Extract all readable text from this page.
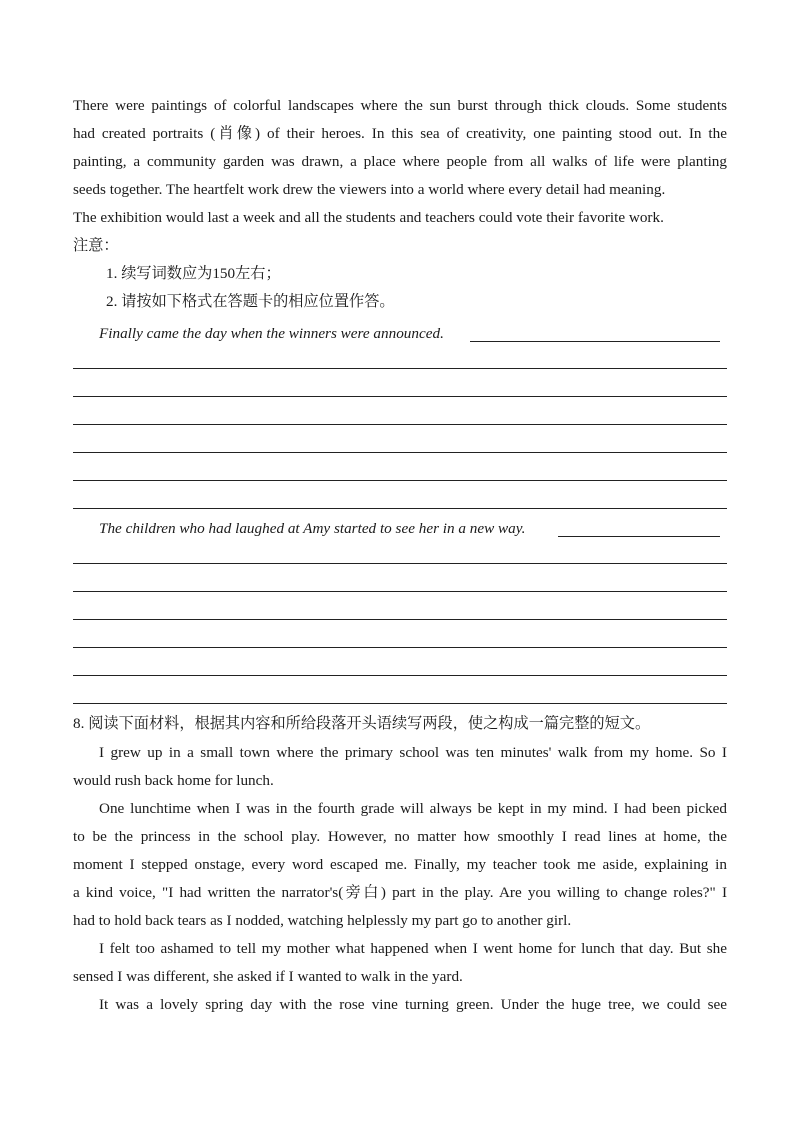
There were paintings of colorful landscapes where the sun burst through thick clouds. Some students
had created portraits (肖像) of their heroes. In this sea of creativity, one painting stood out. In the
painting, a community garden was drawn, a place where people from all walks of life were planting
seeds together. The heartfelt work drew the viewers into a world where every detail had meaning.
The exhibition would last a week and all the students and teachers could vote their favorite work.
注意：
1. 续写词数应为150左右；
2. 请按如下格式在答题卡的相应位置作答。
Finally came the day when the winners were announced.
The children who had laughed at Amy started to see her in a new way.
8. 阅读下面材料，根据其内容和所给段落开头语续写两段，使之构成一篇完整的短文。
I grew up in a small town where the primary school was ten minutes' walk from my home. So I
would rush back home for lunch.
One lunchtime when I was in the fourth grade will always be kept in my mind. I had been picked
to be the princess in the school play. However, no matter how smoothly I read lines at home, the
moment I stepped onstage, every word escaped me. Finally, my teacher took me aside, explaining in
a kind voice, "I had written the narrator's(旁白) part in the play. Are you willing to change roles?" I
had to hold back tears as I nodded, watching helplessly my part go to another girl.
I felt too ashamed to tell my mother what happened when I went home for lunch that day. But she
sensed I was different, she asked if I wanted to walk in the yard.
It was a lovely spring day with the rose vine turning green. Under the huge tree, we could see
